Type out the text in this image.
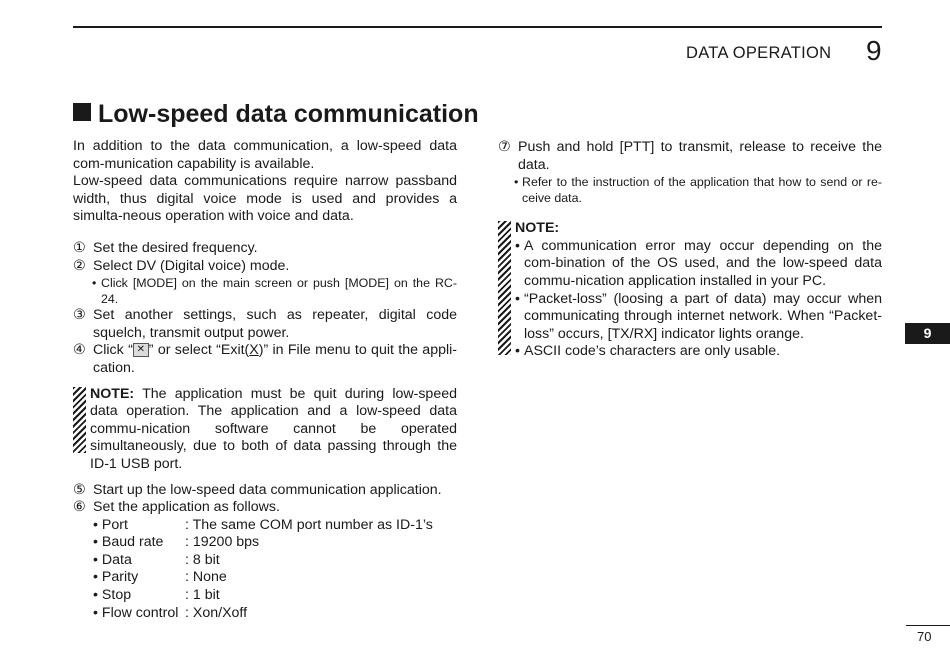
DATA OPERATION 9
Low-speed data communication

In addition to the data communication, a low-speed data com-munication capability is available.

Low-speed data communications require narrow passband width, thus digital voice mode is used and provides a simulta-neous operation with voice and data.

① Set the desired frequency.
② Select DV (Digital voice) mode.
• Click [MODE] on the main screen or push [MODE] on the RC-24.
③ Set another settings, such as repeater, digital code squelch, transmit output power.
④ Click “ ✕ ” or select “Exit(X)” in File menu to quit the appli-cation.
NOTE: The application must be quit during low-speed data operation. The application and a low-speed data commu-nication software cannot be operated simultaneously, due to both of data passing through the ID-1 USB port.
⑤ Start up the low-speed data communication application.
⑥ Set the application as follows.
• Port	: The same COM port number as ID-1’s
• Baud rate	: 19200 bps
• Data	: 8 bit
• Parity	: None
• Stop	: 1 bit
• Flow control : Xon/Xoff
⑦ Push and hold [PTT] to transmit, release to receive the data.
• Refer to the instruction of the application that how to send or re-ceive data.
NOTE:
• A communication error may occur depending on the com-bination of the OS used, and the low-speed data commu-nication application installed in your PC.
• “Packet-loss” (loosing a part of data) may occur when communicating through internet network. When “Packet-loss” occurs, [TX/RX] indicator lights orange.
• ASCII code’s characters are only usable.
9
70
